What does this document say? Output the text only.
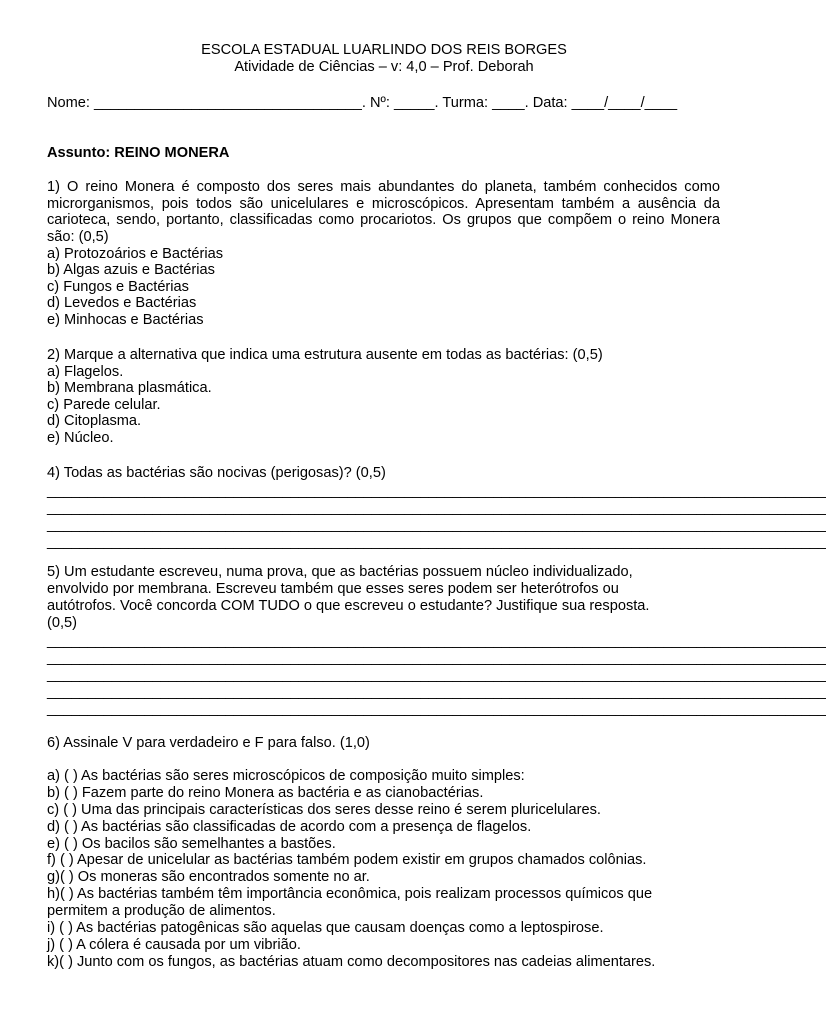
ESCOLA ESTADUAL LUARLINDO DOS REIS BORGES
Atividade de Ciências – v: 4,0 – Prof. Deborah
Nome: _________________________________. Nº: _____. Turma: ____. Data: ____/____/____
Assunto: REINO MONERA
1) O reino Monera é composto dos seres mais abundantes do planeta, também conhecidos como microrganismos, pois todos são unicelulares e microscópicos. Apresentam também a ausência da carioteca, sendo, portanto, classificadas como procariotos. Os grupos que compõem o reino Monera são: (0,5)
a) Protozoários e Bactérias
b) Algas azuis e Bactérias
c) Fungos e Bactérias
d) Levedos e Bactérias
e) Minhocas e Bactérias
2) Marque a alternativa que indica uma estrutura ausente em todas as bactérias: (0,5)
a) Flagelos.
b) Membrana plasmática.
c) Parede celular.
d) Citoplasma.
e) Núcleo.
4) Todas as bactérias são nocivas (perigosas)? (0,5)
________________________________________________________________________________________________
________________________________________________________________________________________________
________________________________________________________________________________________________
________________________________________________________________________________________________
5) Um estudante escreveu, numa prova, que as bactérias possuem núcleo individualizado,
envolvido por membrana. Escreveu também que esses seres podem ser heterótrofos ou
autótrofos. Você concorda COM TUDO o que escreveu o estudante? Justifique sua resposta.
(0,5)
________________________________________________________________________________________________
________________________________________________________________________________________________
________________________________________________________________________________________________
________________________________________________________________________________________________
________________________________________________________________________________________________
6) Assinale V para verdadeiro e F para falso. (1,0)
a) ( ) As bactérias são seres microscópicos de composição muito simples:
b) ( ) Fazem parte do reino Monera as bactéria e as cianobactérias.
c) ( ) Uma das principais características dos seres desse reino é serem pluricelulares.
d) ( ) As bactérias são classificadas de acordo com a presença de flagelos.
e) ( ) Os bacilos são semelhantes a bastões.
f) ( ) Apesar de unicelular as bactérias também podem existir em grupos chamados colônias.
g)( ) Os moneras são encontrados somente no ar.
h)( ) As bactérias também têm importância econômica, pois realizam processos químicos que
permitem a produção de alimentos.
i) ( ) As bactérias patogênicas são aquelas que causam doenças como a leptospirose.
j) ( ) A cólera é causada por um vibrião.
k)( ) Junto com os fungos, as bactérias atuam como decompositores nas cadeias alimentares.
